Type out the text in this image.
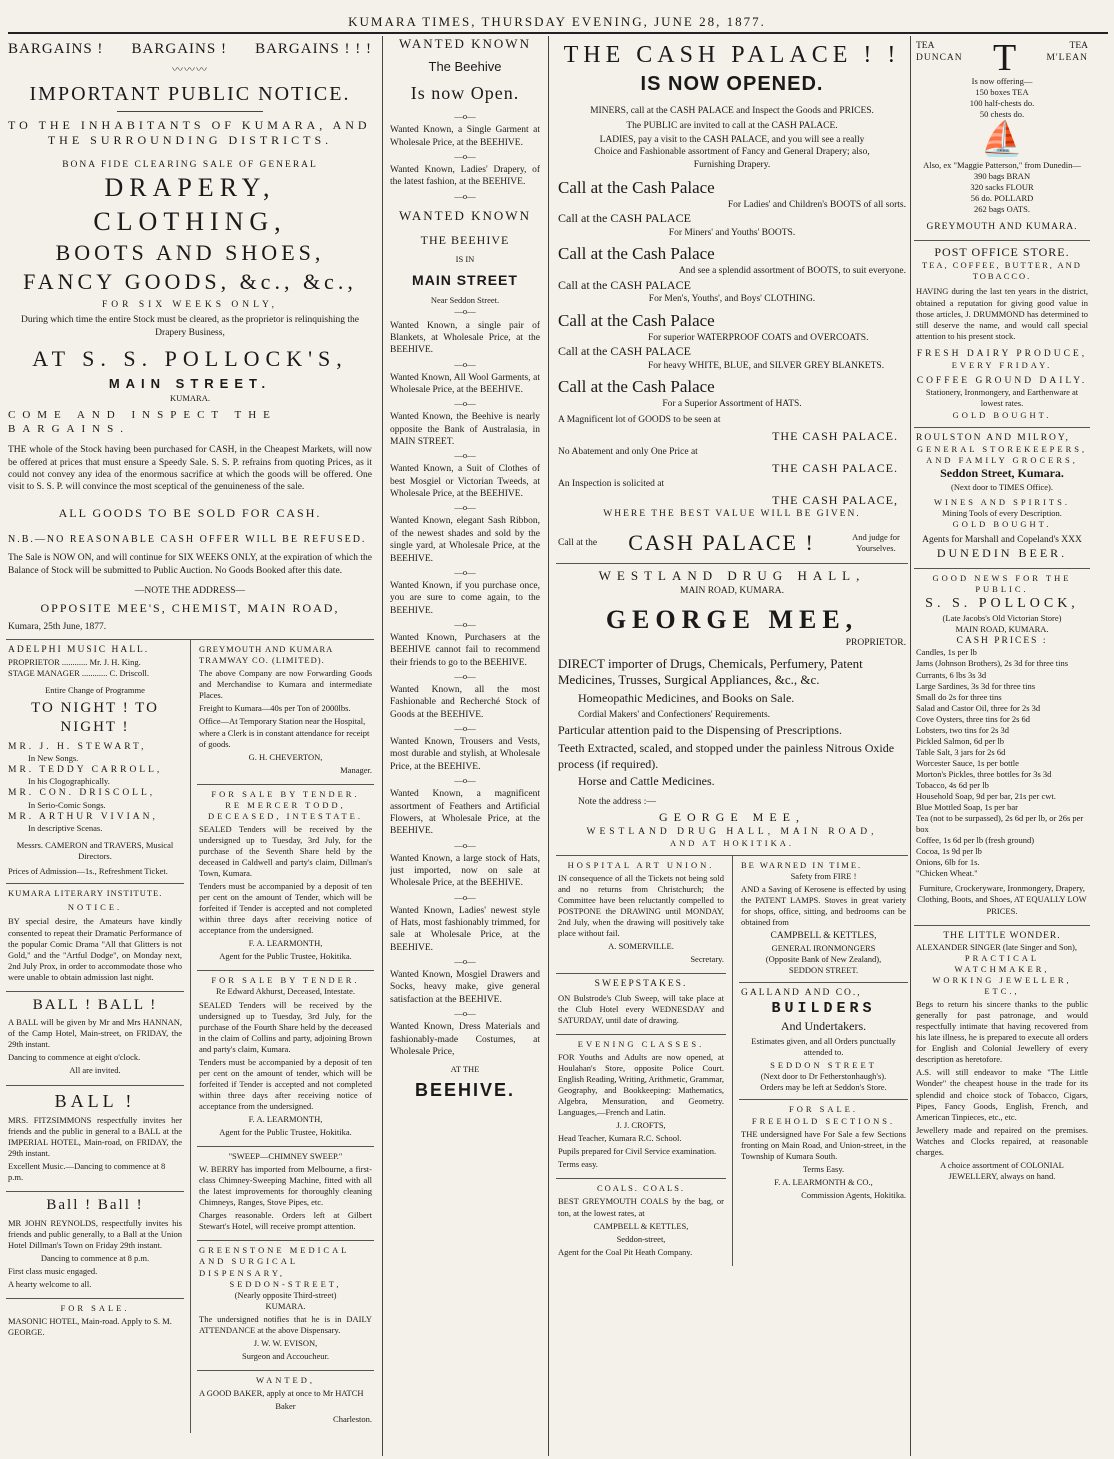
KUMARA TIMES, THURSDAY EVENING, JUNE 28, 1877.
BARGAINS ! BARGAINS ! BARGAINS ! ! !
〰〰〰
IMPORTANT PUBLIC NOTICE.
TO THE INHABITANTS OF KUMARA, AND
THE SURROUNDING DISTRICTS.
BONA FIDE CLEARING SALE OF GENERAL
DRAPERY, CLOTHING,
BOOTS AND SHOES,
FANCY GOODS, &c., &c.,
FOR SIX WEEKS ONLY,
During which time the entire Stock must be cleared, as the proprietor is relinquishing the Drapery Business,
AT S. S. POLLOCK'S,
MAIN STREET.
KUMARA.
COME AND INSPECT THE BARGAINS.

THE whole of the Stock having been purchased for CASH, in the Cheapest Markets, will now be offered at prices that must ensure a Speedy Sale. S. S. P. refrains from quoting Prices, as it could not convey any idea of the enormous sacrifice at which the goods will be offered. One visit to S. S. P. will convince the most sceptical of the genuineness of the sale.

ALL GOODS TO BE SOLD FOR CASH.
N.B.—NO REASONABLE CASH OFFER WILL BE REFUSED.

The Sale is NOW ON, and will continue for SIX WEEKS ONLY, at the expiration of which the Balance of Stock will be submitted to Public Auction. No Goods Booked after this date.

—NOTE THE ADDRESS—
OPPOSITE MEE'S, CHEMIST, MAIN ROAD,
Kumara, 25th June, 1877.
ADELPHI MUSIC HALL.
PROPRIETOR ............ Mr. J. H. King.
STAGE MANAGER ............ C. Driscoll.
Entire Change of Programme
TO NIGHT ! TO NIGHT !
MR. J. H. STEWART,
In New Songs.
MR. TEDDY CARROLL,
In his Clogographically.
MR. CON. DRISCOLL,
In Serio-Comic Songs.
MR. ARTHUR VIVIAN,
In descriptive Scenas.
Messrs. CAMERON and TRAVERS, Musical Directors.
Prices of Admission—1s., Refreshment Ticket.
KUMARA LITERARY INSTITUTE.
NOTICE.

BY special desire, the Amateurs have kindly consented to repeat their Dramatic Performance of the popular Comic Drama "All that Glitters is not Gold," and the "Artful Dodge", on Monday next, 2nd July Prox, in order to accommodate those who were unable to obtain admission last night.

BALL ! BALL !

A BALL will be given by Mr and Mrs HANNAN, of the Camp Hotel, Main-street, on FRIDAY, the 29th instant.

Dancing to commence at eight o'clock.

All are invited.

BALL !

MRS. FITZSIMMONS respectfully invites her friends and the public in general to a BALL at the IMPERIAL HOTEL, Main-road, on FRIDAY, the 29th instant.

Excellent Music.—Dancing to commence at 8 p.m.

Ball ! Ball !

MR JOHN REYNOLDS, respectfully invites his friends and public generally, to a Ball at the Union Hotel Dillman's Town on Friday 29th instant.

Dancing to commence at 8 p.m.

First class music engaged.

A hearty welcome to all.

FOR SALE.

MASONIC HOTEL, Main-road. Apply to S. M. GEORGE.

GREYMOUTH AND KUMARA TRAMWAY CO. (LIMITED).

The above Company are now Forwarding Goods and Merchandise to Kumara and intermediate Places.

Freight to Kumara—40s per Ton of 2000lbs.

Office—At Temporary Station near the Hospital, where a Clerk is in constant attendance for receipt of goods.

G. H. CHEVERTON,

Manager.

FOR SALE BY TENDER.
RE MERCER TODD, DECEASED, INTESTATE.

SEALED Tenders will be received by the undersigned up to Tuesday, 3rd July, for the purchase of the Seventh Share held by the deceased in Caldwell and party's claim, Dillman's Town, Kumara.

Tenders must be accompanied by a deposit of ten per cent on the amount of Tender, which will be forfeited if Tender is accepted and not completed within three days after receiving notice of acceptance from the undersigned.

F. A. LEARMONTH,

Agent for the Public Trustee, Hokitika.

FOR SALE BY TENDER.
Re Edward Akhurst, Deceased, Intestate.

SEALED Tenders will be received by the undersigned up to Tuesday, 3rd July, for the purchase of the Fourth Share held by the deceased in the claim of Collins and party, adjoining Brown and party's claim, Kumara.

Tenders must be accompanied by a deposit of ten per cent on the amount of tender, which will be forfeited if Tender is accepted and not completed within three days after receiving notice of acceptance from the undersigned.

F. A. LEARMONTH,

Agent for the Public Trustee, Hokitika.

"SWEEP—CHIMNEY SWEEP."

W. BERRY has imported from Melbourne, a first-class Chimney-Sweeping Machine, fitted with all the latest improvements for thoroughly cleaning Chimneys, Ranges, Stove Pipes, etc.

Charges reasonable. Orders left at Gilbert Stewart's Hotel, will receive prompt attention.

GREENSTONE MEDICAL AND SURGICAL DISPENSARY,
SEDDON-STREET,
(Nearly opposite Third-street)
KUMARA.

The undersigned notifies that he is in DAILY ATTENDANCE at the above Dispensary.

J. W. W. EVISON,

Surgeon and Accoucheur.

WANTED,

A GOOD BAKER, apply at once to Mr HATCH

Baker

Charleston.

WANTED KNOWN
The Beehive
Is now Open.
—o—

Wanted Known, a Single Garment at Wholesale Price, at the BEEHIVE.

—o—

Wanted Known, Ladies' Drapery, of the latest fashion, at the BEEHIVE.

—o—
WANTED KNOWN
THE BEEHIVE
IS IN
MAIN STREET
Near Seddon Street.
—o—

Wanted Known, a single pair of Blankets, at Wholesale Price, at the BEEHIVE.

—o—

Wanted Known, All Wool Garments, at Wholesale Price, at the BEEHIVE.

—o—

Wanted Known, the Beehive is nearly opposite the Bank of Australasia, in MAIN STREET.

—o—

Wanted Known, a Suit of Clothes of best Mosgiel or Victorian Tweeds, at Wholesale Price, at the BEEHIVE.

—o—

Wanted Known, elegant Sash Ribbon, of the newest shades and sold by the single yard, at Wholesale Price, at the BEEHIVE.

—o—

Wanted Known, if you purchase once, you are sure to come again, to the BEEHIVE.

—o—

Wanted Known, Purchasers at the BEEHIVE cannot fail to recommend their friends to go to the BEEHIVE.

—o—

Wanted Known, all the most Fashionable and Recherché Stock of Goods at the BEEHIVE.

—o—

Wanted Known, Trousers and Vests, most durable and stylish, at Wholesale Price, at the BEEHIVE.

—o—

Wanted Known, a magnificent assortment of Feathers and Artificial Flowers, at Wholesale Price, at the BEEHIVE.

—o—

Wanted Known, a large stock of Hats, just imported, now on sale at Wholesale Price, at the BEEHIVE.

—o—

Wanted Known, Ladies' newest style of Hats, most fashionably trimmed, for sale at Wholesale Price, at the BEEHIVE.

—o—

Wanted Known, Mosgiel Drawers and Socks, heavy make, give general satisfaction at the BEEHIVE.

—o—

Wanted Known, Dress Materials and fashionably-made Costumes, at Wholesale Price,

AT THE
BEEHIVE.
THE CASH PALACE ! !
IS NOW OPENED.

MINERS, call at the CASH PALACE and Inspect the Goods and PRICES.

The PUBLIC are invited to call at the CASH PALACE.

LADIES, pay a visit to the CASH PALACE, and you will see a really Choice and Fashionable assortment of Fancy and General Drapery; also, Furnishing Drapery.

Call at the Cash Palace
For Ladies' and Children's BOOTS of all sorts.
Call at the CASH PALACE
For Miners' and Youths' BOOTS.
Call at the Cash Palace
And see a splendid assortment of BOOTS, to suit everyone.
Call at the CASH PALACE
For Men's, Youths', and Boys' CLOTHING.
Call at the Cash Palace
For superior WATERPROOF COATS and OVERCOATS.
Call at the CASH PALACE
For heavy WHITE, BLUE, and SILVER GREY BLANKETS.
Call at the Cash Palace
For a Superior Assortment of HATS.

A Magnificent lot of GOODS to be seen at

THE CASH PALACE.

No Abatement and only One Price at

THE CASH PALACE.

An Inspection is solicited at

THE CASH PALACE,
WHERE THE BEST VALUE WILL BE GIVEN.
Call at the CASH PALACE !	And judge for Yourselves.
WESTLAND DRUG HALL,
MAIN ROAD, KUMARA.
GEORGE MEE,
PROPRIETOR.

DIRECT importer of Drugs, Chemicals, Perfumery, Patent Medicines, Trusses, Surgical Appliances, &c., &c.

Homeopathic Medicines, and Books on Sale.

Cordial Makers' and Confectioners' Requirements.

Particular attention paid to the Dispensing of Prescriptions.

Teeth Extracted, scaled, and stopped under the painless Nitrous Oxide process (if required).

Horse and Cattle Medicines.

Note the address :—

GEORGE MEE,
WESTLAND DRUG HALL, MAIN ROAD,
AND AT HOKITIKA.
HOSPITAL ART UNION.

IN consequence of all the Tickets not being sold and no returns from Christchurch; the Committee have been reluctantly compelled to POSTPONE the DRAWING until MONDAY, 2nd July, when the drawing will positively take place without fail.

A. SOMERVILLE.

Secretary.

SWEEPSTAKES.

ON Bulstrode's Club Sweep, will take place at the Club Hotel every WEDNESDAY and SATURDAY, until date of drawing.

EVENING CLASSES.

FOR Youths and Adults are now opened, at Houlahan's Store, opposite Police Court. English Reading, Writing, Arithmetic, Grammar, Geography, and Bookkeeping: Mathematics, Algebra, Mensuration, and Geometry. Languages,—French and Latin.

J. J. CROFTS,

Head Teacher, Kumara R.C. School.

Pupils prepared for Civil Service examination.

Terms easy.

COALS. COALS.

BEST GREYMOUTH COALS by the bag, or ton, at the lowest rates, at

CAMPBELL & KETTLES,

Seddon-street,

Agent for the Coal Pit Heath Company.

BE WARNED IN TIME.
Safety from FIRE !

AND a Saving of Kerosene is effected by using the PATENT LAMPS. Stoves in great variety for shops, office, sitting, and bedrooms can be obtained from

CAMPBELL & KETTLES,
GENERAL IRONMONGERS
(Opposite Bank of New Zealand),
SEDDON STREET.
GALLAND AND CO.,
BUILDERS
And Undertakers.

Estimates given, and all Orders punctually attended to.

SEDDON STREET
(Next door to Dr Fetherstonhaugh's).
Orders may be left at Seddon's Store.
FOR SALE.
FREEHOLD SECTIONS.

THE undersigned have For Sale a few Sections fronting on Main Road, and Union-street, in the Township of Kumara South.

Terms Easy.

F. A. LEARMONTH & CO.,

Commission Agents, Hokitika.

TEA
DUNCAN T	TEA
M'LEAN
Is now offering—
150 boxes TEA
100 half-chests do.
50 chests do.
⛵
Also, ex "Maggie Patterson," from Dunedin—
390 bags BRAN
320 sacks FLOUR
56 do. POLLARD
262 bags OATS.
GREYMOUTH AND KUMARA.
POST OFFICE STORE.
TEA, COFFEE, BUTTER, AND TOBACCO.

HAVING during the last ten years in the district, obtained a reputation for giving good value in those articles, J. DRUMMOND has determined to still deserve the name, and would call special attention to his present stock.

FRESH DAIRY PRODUCE,
EVERY FRIDAY.
COFFEE GROUND DAILY.
Stationery, Ironmongery, and Earthenware at lowest rates.
GOLD BOUGHT.
ROULSTON AND MILROY,
GENERAL STOREKEEPERS, AND FAMILY GROCERS,
Seddon Street, Kumara.
(Next door to TIMES Office).
WINES AND SPIRITS.
Mining Tools of every Description.
GOLD BOUGHT.
Agents for Marshall and Copeland's XXX
DUNEDIN BEER.
GOOD NEWS FOR THE PUBLIC.
S. S. POLLOCK,
(Late Jacobs's Old Victorian Store)
MAIN ROAD, KUMARA.
CASH PRICES :
Candles, 1s per lb
Jams (Johnson Brothers), 2s 3d for three tins
Currants, 6 lbs 3s 3d
Large Sardines, 3s 3d for three tins
Small do 2s for three tins
Salad and Castor Oil, three for 2s 3d
Cove Oysters, three tins for 2s 6d
Lobsters, two tins for 2s 3d
Pickled Salmon, 6d per lb
Table Salt, 3 jars for 2s 6d
Worcester Sauce, 1s per bottle
Morton's Pickles, three bottles for 3s 3d
Tobacco, 4s 6d per lb
Household Soap, 9d per bar, 21s per cwt.
Blue Mottled Soap, 1s per bar
Tea (not to be surpassed), 2s 6d per lb, or 26s per box
Coffee, 1s 6d per lb (fresh ground)
Cocoa, 1s 9d per lb
Onions, 6lb for 1s.
"Chicken Wheat."

Furniture, Crockeryware, Ironmongery, Drapery, Clothing, Boots, and Shoes, AT EQUALLY LOW PRICES.

THE LITTLE WONDER.
ALEXANDER SINGER (late Singer and Son),
PRACTICAL WATCHMAKER,
WORKING JEWELLER, ETC.,

Begs to return his sincere thanks to the public generally for past patronage, and would respectfully intimate that having recovered from his late illness, he is prepared to execute all orders for English and Colonial Jewellery of every description as heretofore.

A.S. will still endeavor to make "The Little Wonder" the cheapest house in the trade for its splendid and choice stock of Tobacco, Cigars, Pipes, Fancy Goods, English, French, and American Tinpieces, etc., etc.

Jewellery made and repaired on the premises. Watches and Clocks repaired, at reasonable charges.

A choice assortment of COLONIAL JEWELLERY, always on hand.
